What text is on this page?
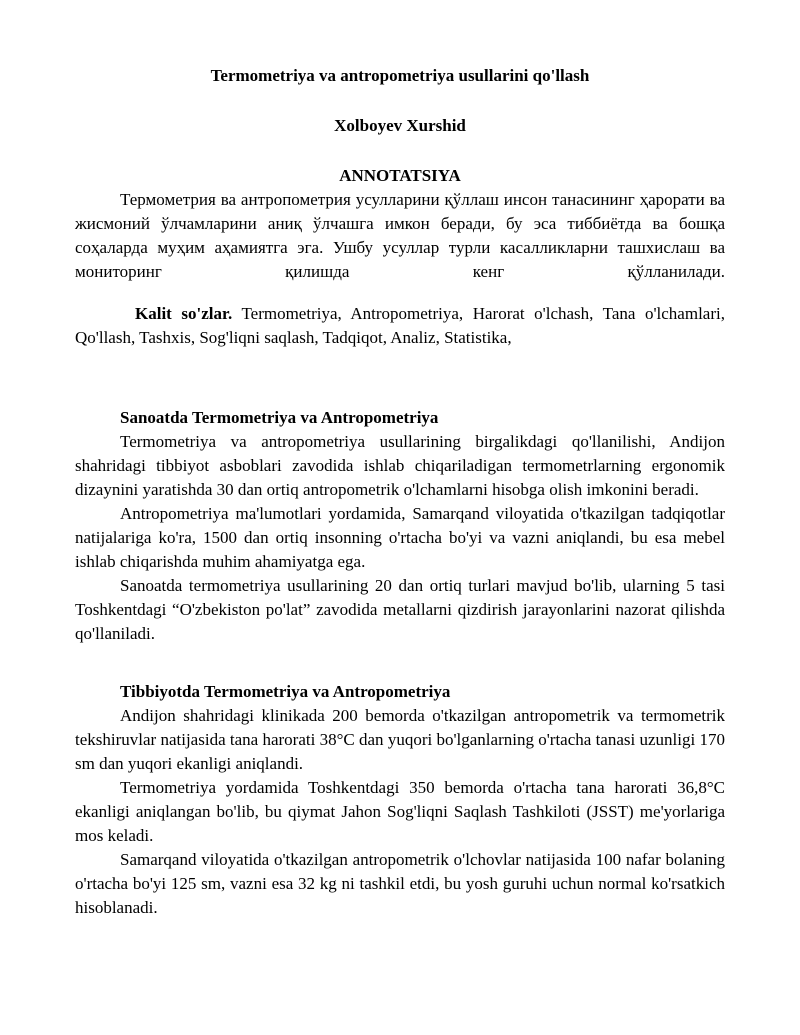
Termometriya va antropometriya usullarini qo'llash
Xolboyev Xurshid
ANNOTATSIYA

Термометрия ва антропометрия усулларини қўллаш инсон танасининг ҳарорати ва жисмоний ўлчамларини аниқ ўлчашга имкон беради, бу эса тиббиётда ва бошқа соҳаларда муҳим аҳамиятга эга. Ушбу усуллар турли касалликларни ташхислаш ва мониторинг қилишда кенг қўлланилади.

Kalit so'zlar. Termometriya, Antropometriya, Harorat o'lchash, Tana o'lchamlari, Qo'llash, Tashxis, Sog'liqni saqlash, Tadqiqot, Analiz, Statistika,

Sanoatda Termometriya va Antropometriya

Termometriya va antropometriya usullarining birgalikdagi qo'llanilishi, Andijon shahridagi tibbiyot asboblari zavodida ishlab chiqariladigan termometrlarning ergonomik dizaynini yaratishda 30 dan ortiq antropometrik o'lchamlarni hisobga olish imkonini beradi.

Antropometriya ma'lumotlari yordamida, Samarqand viloyatida o'tkazilgan tadqiqotlar natijalariga ko'ra, 1500 dan ortiq insonning o'rtacha bo'yi va vazni aniqlandi, bu esa mebel ishlab chiqarishda muhim ahamiyatga ega.

Sanoatda termometriya usullarining 20 dan ortiq turlari mavjud bo'lib, ularning 5 tasi Toshkentdagi “O'zbekiston po'lat” zavodida metallarni qizdirish jarayonlarini nazorat qilishda qo'llaniladi.

Tibbiyotda Termometriya va Antropometriya

Andijon shahridagi klinikada 200 bemorda o'tkazilgan antropometrik va termometrik tekshiruvlar natijasida tana harorati 38°C dan yuqori bo'lganlarning o'rtacha tanasi uzunligi 170 sm dan yuqori ekanligi aniqlandi.

Termometriya yordamida Toshkentdagi 350 bemorda o'rtacha tana harorati 36,8°C ekanligi aniqlangan bo'lib, bu qiymat Jahon Sog'liqni Saqlash Tashkiloti (JSST) me'yorlariga mos keladi.

Samarqand viloyatida o'tkazilgan antropometrik o'lchovlar natijasida 100 nafar bolaning o'rtacha bo'yi 125 sm, vazni esa 32 kg ni tashkil etdi, bu yosh guruhi uchun normal ko'rsatkich hisoblanadi.
